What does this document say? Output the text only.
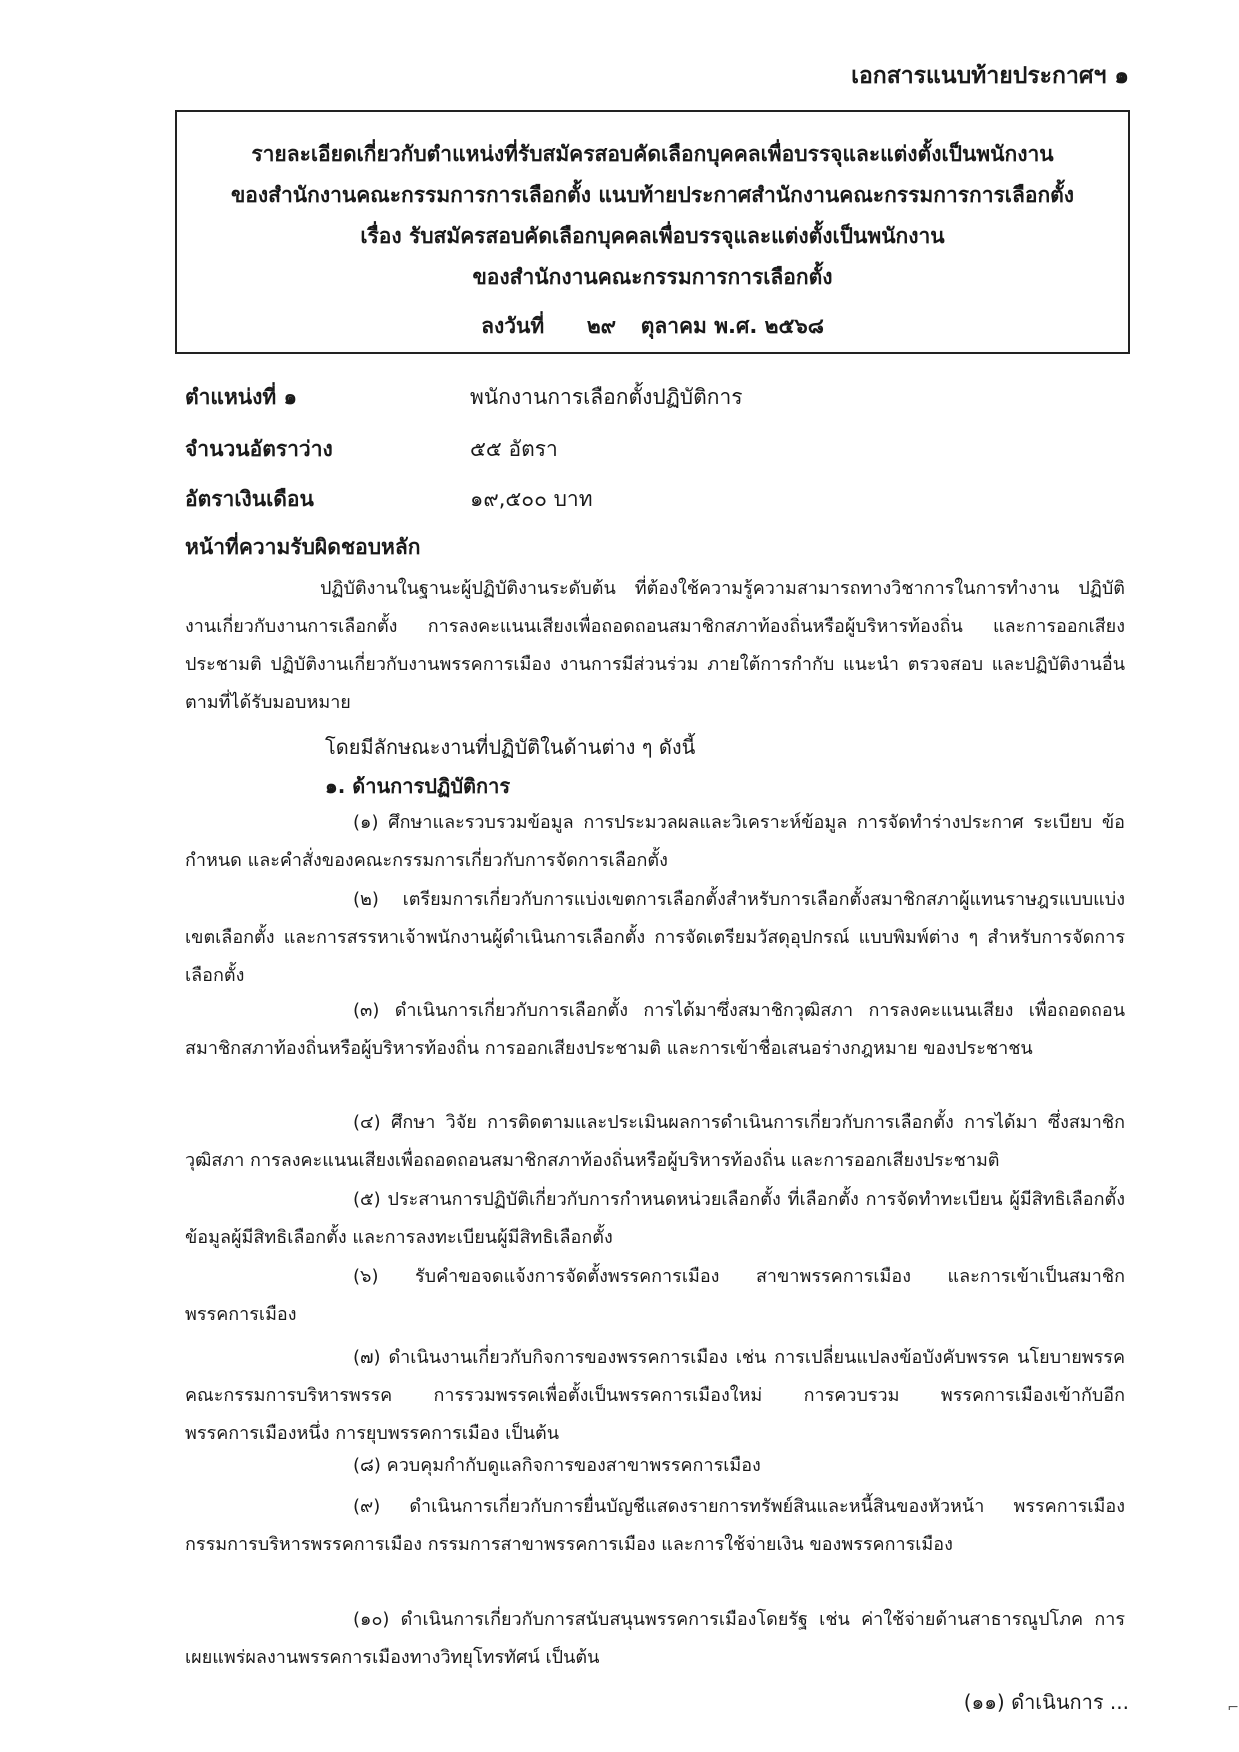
เอกสารแนบท้ายประกาศฯ ๑
รายละเอียดเกี่ยวกับตำแหน่งที่รับสมัครสอบคัดเลือกบุคคลเพื่อบรรจุและแต่งตั้งเป็นพนักงาน
ของสำนักงานคณะกรรมการการเลือกตั้ง แนบท้ายประกาศสำนักงานคณะกรรมการการเลือกตั้ง
เรื่อง รับสมัครสอบคัดเลือกบุคคลเพื่อบรรจุและแต่งตั้งเป็นพนักงาน
ของสำนักงานคณะกรรมการการเลือกตั้ง
ลงวันที่ ๒๙ ตุลาคม พ.ศ. ๒๕๖๘
ตำแหน่งที่ ๑	พนักงานการเลือกตั้งปฏิบัติการ
จำนวนอัตราว่าง	๕๕ อัตรา
อัตราเงินเดือน	๑๙,๕๐๐ บาท
หน้าที่ความรับผิดชอบหลัก

ปฏิบัติงานในฐานะผู้ปฏิบัติงานระดับต้น ที่ต้องใช้ความรู้ความสามารถทางวิชาการในการทำงาน ปฏิบัติงานเกี่ยวกับงานการเลือกตั้ง การลงคะแนนเสียงเพื่อถอดถอนสมาชิกสภาท้องถิ่นหรือผู้บริหารท้องถิ่น และการออกเสียงประชามติ ปฏิบัติงานเกี่ยวกับงานพรรคการเมือง งานการมีส่วนร่วม ภายใต้การกำกับ แนะนำ ตรวจสอบ และปฏิบัติงานอื่นตามที่ได้รับมอบหมาย

โดยมีลักษณะงานที่ปฏิบัติในด้านต่าง ๆ ดังนี้
๑. ด้านการปฏิบัติการ

(๑) ศึกษาและรวบรวมข้อมูล การประมวลผลและวิเคราะห์ข้อมูล การจัดทำร่างประกาศ ระเบียบ ข้อกำหนด และคำสั่งของคณะกรรมการเกี่ยวกับการจัดการเลือกตั้ง

(๒) เตรียมการเกี่ยวกับการแบ่งเขตการเลือกตั้งสำหรับการเลือกตั้งสมาชิกสภาผู้แทนราษฎรแบบแบ่งเขตเลือกตั้ง และการสรรหาเจ้าพนักงานผู้ดำเนินการเลือกตั้ง การจัดเตรียมวัสดุอุปกรณ์ แบบพิมพ์ต่าง ๆ สำหรับการจัดการเลือกตั้ง

(๓) ดำเนินการเกี่ยวกับการเลือกตั้ง การได้มาซึ่งสมาชิกวุฒิสภา การลงคะแนนเสียง เพื่อถอดถอนสมาชิกสภาท้องถิ่นหรือผู้บริหารท้องถิ่น การออกเสียงประชามติ และการเข้าชื่อเสนอร่างกฎหมาย ของประชาชน

(๔) ศึกษา วิจัย การติดตามและประเมินผลการดำเนินการเกี่ยวกับการเลือกตั้ง การได้มา ซึ่งสมาชิกวุฒิสภา การลงคะแนนเสียงเพื่อถอดถอนสมาชิกสภาท้องถิ่นหรือผู้บริหารท้องถิ่น และการออกเสียงประชามติ

(๕) ประสานการปฏิบัติเกี่ยวกับการกำหนดหน่วยเลือกตั้ง ที่เลือกตั้ง การจัดทำทะเบียน ผู้มีสิทธิเลือกตั้ง ข้อมูลผู้มีสิทธิเลือกตั้ง และการลงทะเบียนผู้มีสิทธิเลือกตั้ง

(๖) รับคำขอจดแจ้งการจัดตั้งพรรคการเมือง สาขาพรรคการเมือง และการเข้าเป็นสมาชิก พรรคการเมือง

(๗) ดำเนินงานเกี่ยวกับกิจการของพรรคการเมือง เช่น การเปลี่ยนแปลงข้อบังคับพรรค นโยบายพรรค คณะกรรมการบริหารพรรค การรวมพรรคเพื่อตั้งเป็นพรรคการเมืองใหม่ การควบรวม พรรคการเมืองเข้ากับอีกพรรคการเมืองหนึ่ง การยุบพรรคการเมือง เป็นต้น

(๘) ควบคุมกำกับดูแลกิจการของสาขาพรรคการเมือง

(๙) ดำเนินการเกี่ยวกับการยื่นบัญชีแสดงรายการทรัพย์สินและหนี้สินของหัวหน้า พรรคการเมือง กรรมการบริหารพรรคการเมือง กรรมการสาขาพรรคการเมือง และการใช้จ่ายเงิน ของพรรคการเมือง

(๑๐) ดำเนินการเกี่ยวกับการสนับสนุนพรรคการเมืองโดยรัฐ เช่น ค่าใช้จ่ายด้านสาธารณูปโภค การเผยแพร่ผลงานพรรคการเมืองทางวิทยุโทรทัศน์ เป็นต้น

(๑๑) ดำเนินการ ...	⌐
